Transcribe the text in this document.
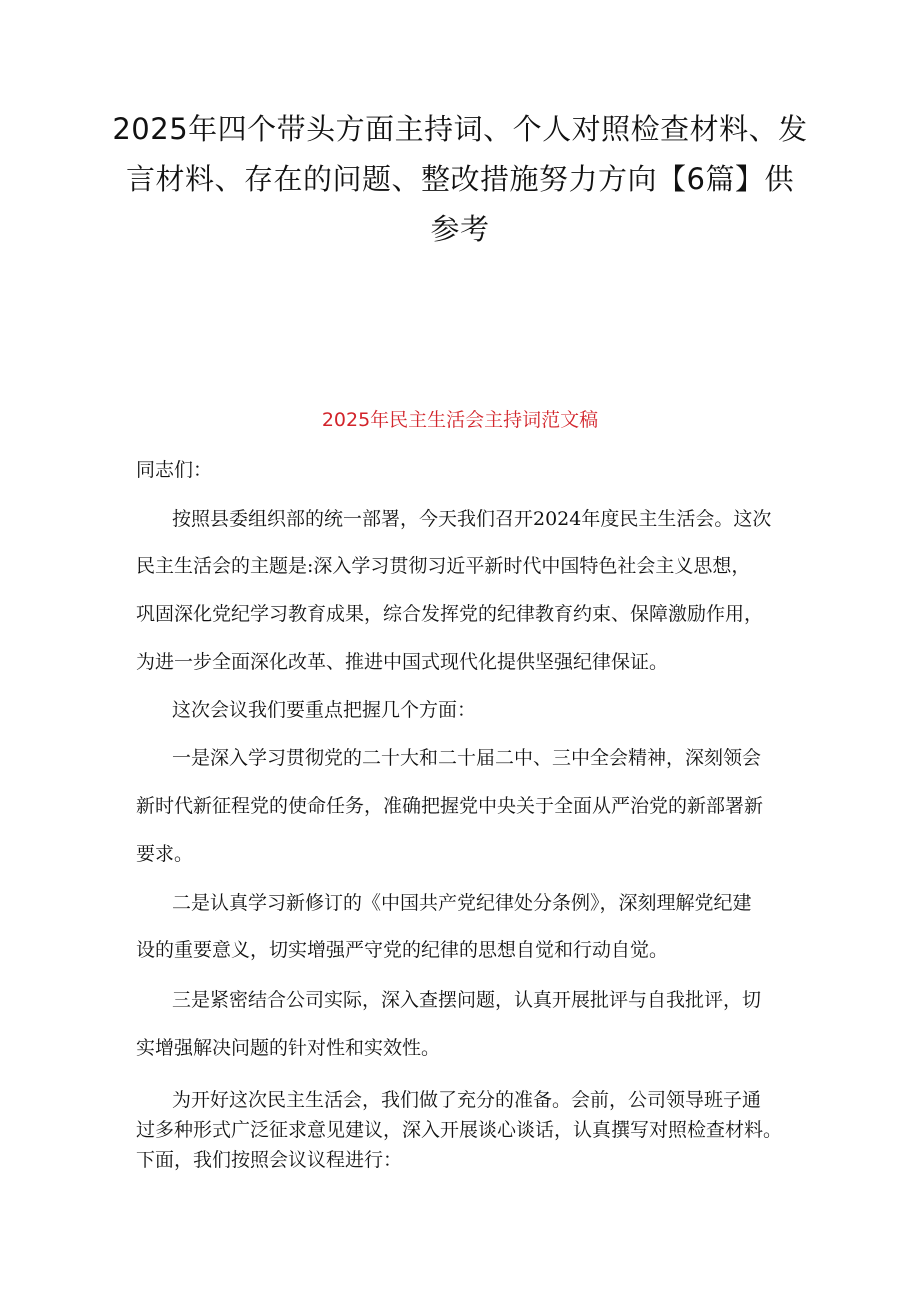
2025年四个带头方面主持词、个人对照检查材料、发
言材料、存在的问题、整改措施努力方向【6篇】供
参考
2025年民主生活会主持词范文稿
同志们：
按照县委组织部的统一部署，今天我们召开2024年度民主生活会。这次
民主生活会的主题是:深入学习贯彻习近平新时代中国特色社会主义思想，
巩固深化党纪学习教育成果，综合发挥党的纪律教育约束、保障激励作用，
为进一步全面深化改革、推进中国式现代化提供坚强纪律保证。
这次会议我们要重点把握几个方面：
一是深入学习贯彻党的二十大和二十届二中、三中全会精神，深刻领会
新时代新征程党的使命任务，准确把握党中央关于全面从严治党的新部署新
要求。
二是认真学习新修订的《中国共产党纪律处分条例》，深刻理解党纪建
设的重要意义，切实增强严守党的纪律的思想自觉和行动自觉。
三是紧密结合公司实际，深入查摆问题，认真开展批评与自我批评，切
实增强解决问题的针对性和实效性。
为开好这次民主生活会，我们做了充分的准备。会前，公司领导班子通
过多种形式广泛征求意见建议，深入开展谈心谈话，认真撰写对照检查材料。
下面，我们按照会议议程进行：
